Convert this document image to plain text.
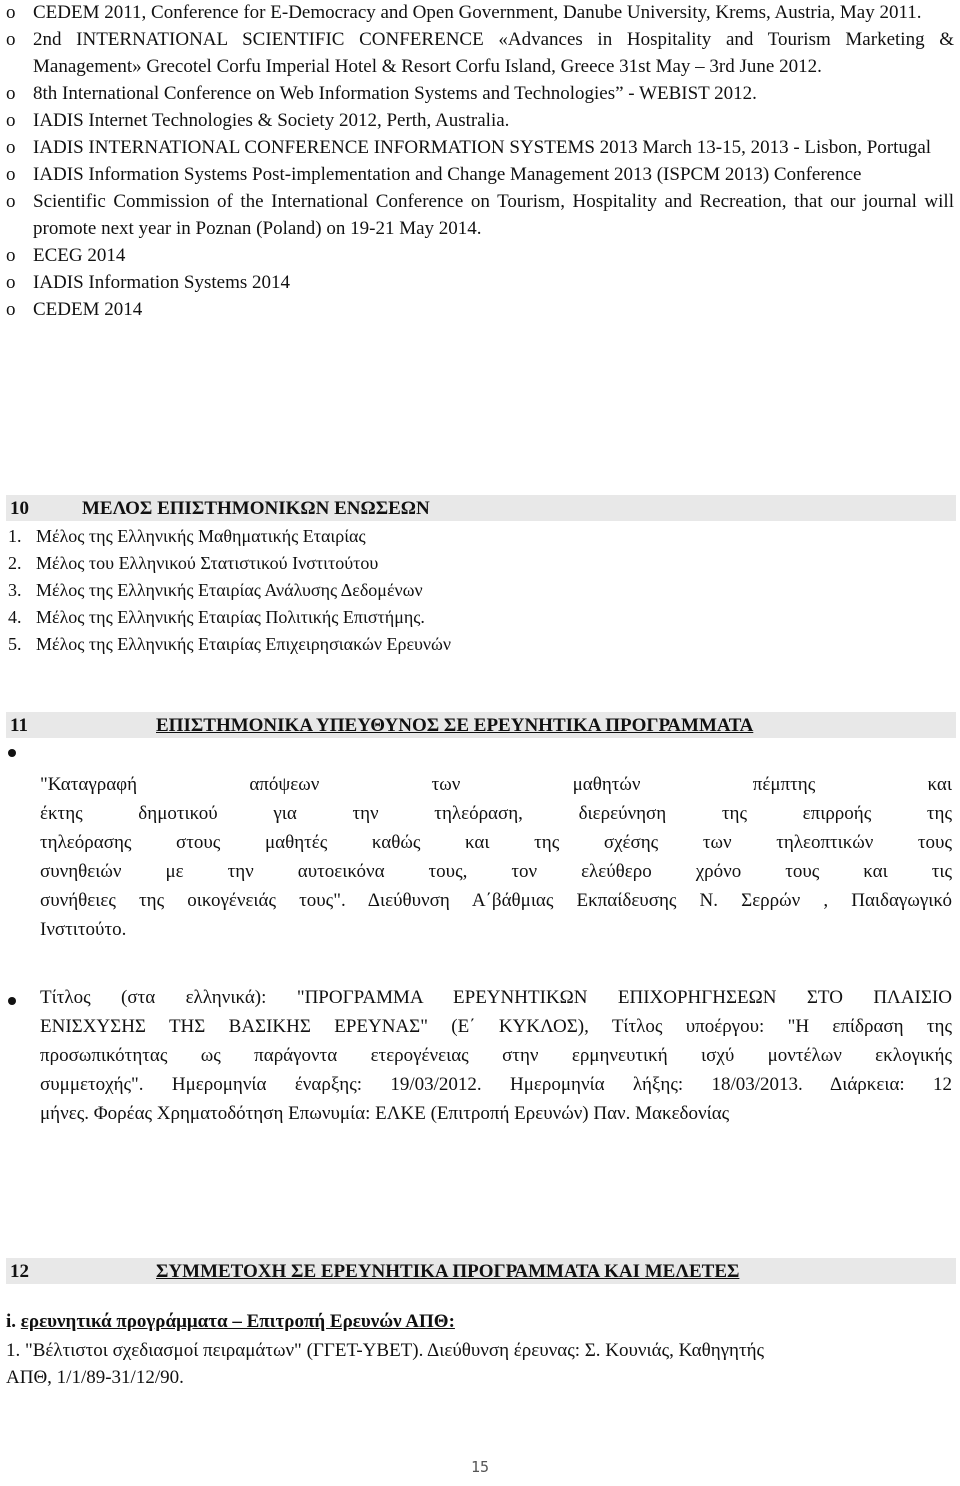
o CEDEM 2011, Conference for E-Democracy and Open Government, Danube University, Krems, Austria, May 2011.
o 2nd INTERNATIONAL SCIENTIFIC CONFERENCE «Advances in Hospitality and Tourism Marketing & Management» Grecotel Corfu Imperial Hotel & Resort Corfu Island, Greece 31st May – 3rd June 2012.
o 8th International Conference on Web Information Systems and Technologies” - WEBIST 2012.
o IADIS Internet Technologies & Society 2012, Perth, Australia.
o IADIS INTERNATIONAL CONFERENCE INFORMATION SYSTEMS 2013 March 13-15, 2013 - Lisbon, Portugal
o IADIS Information Systems Post-implementation and Change Management 2013 (ISPCM 2013) Conference
o Scientific Commission of the International Conference on Tourism, Hospitality and Recreation, that our journal will promote next year in Poznan (Poland) on 19-21 May 2014.
o ECEG 2014
o IADIS Information Systems 2014
o CEDEM 2014
10	ΜΕΛΟΣ ΕΠΙΣΤΗΜΟΝΙΚΩΝ ΕΝΩΣΕΩΝ
1. Μέλος της Ελληνικής Μαθηματικής Εταιρίας
2. Μέλος του Ελληνικού Στατιστικού Ινστιτούτου
3. Μέλος της Ελληνικής Εταιρίας Ανάλυσης Δεδομένων
4. Μέλος της Ελληνικής Εταιρίας Πολιτικής Επιστήμης.
5. Μέλος της Ελληνικής Εταιρίας Επιχειρησιακών Ερευνών
11	ΕΠΙΣΤΗΜΟΝΙΚΑ ΥΠΕΥΘΥΝΟΣ ΣΕ ΕΡΕΥΝΗΤΙΚΑ ΠΡΟΓΡΑΜΜΑΤΑ
"Καταγραφή απόψεων των μαθητών πέμπτης και
έκτης δημοτικού για την τηλεόραση, διερεύνηση της επιρροής της
τηλεόρασης στους μαθητές καθώς και της σχέσης των τηλεοπτικών τους
συνηθειών με την αυτοεικόνα τους, τον ελεύθερο χρόνο τους και τις
συνήθειες της οικογένειάς τους". Διεύθυνση Α΄βάθμιας Εκπαίδευσης Ν. Σερρών , Παιδαγωγικό
Ινστιτούτο.
Τίτλος (στα ελληνικά): "ΠΡΟΓΡΑΜΜΑ ΕΡΕΥΝΗΤΙΚΩΝ ΕΠΙΧΟΡΗΓΗΣΕΩΝ ΣΤΟ ΠΛΑΙΣΙΟ
ΕΝΙΣΧΥΣΗΣ ΤΗΣ ΒΑΣΙΚΗΣ ΕΡΕΥΝΑΣ" (Ε΄ ΚΥΚΛΟΣ), Τίτλος υποέργου: "Η επίδραση της
προσωπικότητας ως παράγοντα ετερογένειας στην ερμηνευτική ισχύ μοντέλων εκλογικής
συμμετοχής". Ημερομηνία έναρξης: 19/03/2012. Ημερομηνία λήξης: 18/03/2013. Διάρκεια: 12
μήνες. Φορέας Χρηματοδότηση Επωνυμία: ΕΛΚΕ (Επιτροπή Ερευνών) Παν. Μακεδονίας
12	ΣΥΜΜΕΤΟΧΗ ΣΕ ΕΡΕΥΝΗΤΙΚΑ ΠΡΟΓΡΑΜΜΑΤΑ ΚΑΙ ΜΕΛΕΤΕΣ
i. ερευνητικά προγράμματα – Επιτροπή Ερευνών ΑΠΘ:
1. "Βέλτιστοι σχεδιασμοί πειραμάτων" (ΓΓΕΤ-ΥΒΕΤ). Διεύθυνση έρευνας: Σ. Κουνιάς, Καθηγητής
ΑΠΘ, 1/1/89-31/12/90.
15
